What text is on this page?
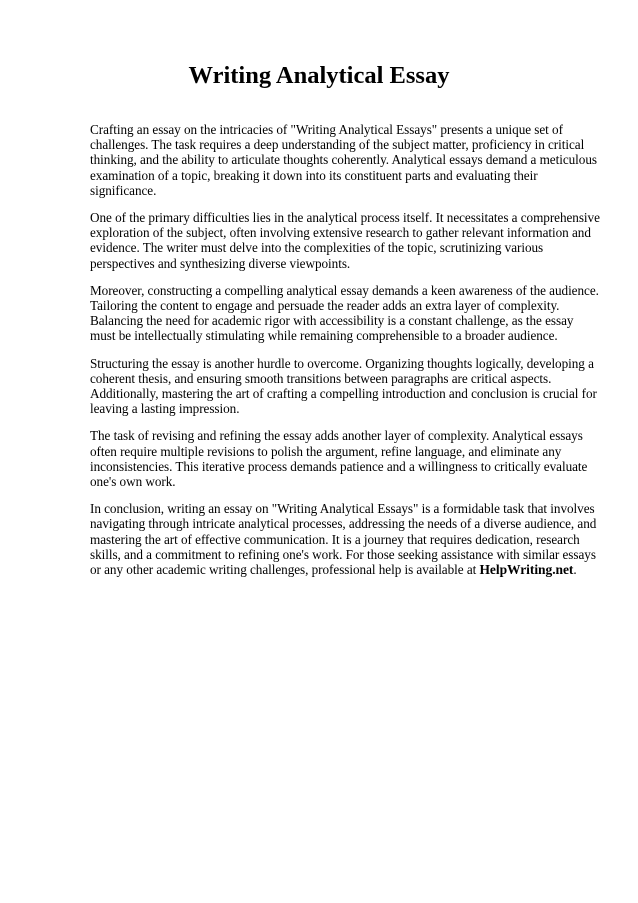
Writing Analytical Essay

Crafting an essay on the intricacies of "Writing Analytical Essays" presents a unique set of challenges. The task requires a deep understanding of the subject matter, proficiency in critical thinking, and the ability to articulate thoughts coherently. Analytical essays demand a meticulous examination of a topic, breaking it down into its constituent parts and evaluating their significance.

One of the primary difficulties lies in the analytical process itself. It necessitates a comprehensive exploration of the subject, often involving extensive research to gather relevant information and evidence. The writer must delve into the complexities of the topic, scrutinizing various perspectives and synthesizing diverse viewpoints.

Moreover, constructing a compelling analytical essay demands a keen awareness of the audience. Tailoring the content to engage and persuade the reader adds an extra layer of complexity. Balancing the need for academic rigor with accessibility is a constant challenge, as the essay must be intellectually stimulating while remaining comprehensible to a broader audience.

Structuring the essay is another hurdle to overcome. Organizing thoughts logically, developing a coherent thesis, and ensuring smooth transitions between paragraphs are critical aspects. Additionally, mastering the art of crafting a compelling introduction and conclusion is crucial for leaving a lasting impression.

The task of revising and refining the essay adds another layer of complexity. Analytical essays often require multiple revisions to polish the argument, refine language, and eliminate any inconsistencies. This iterative process demands patience and a willingness to critically evaluate one's own work.

In conclusion, writing an essay on "Writing Analytical Essays" is a formidable task that involves navigating through intricate analytical processes, addressing the needs of a diverse audience, and mastering the art of effective communication. It is a journey that requires dedication, research skills, and a commitment to refining one's work. For those seeking assistance with similar essays or any other academic writing challenges, professional help is available at HelpWriting.net.
